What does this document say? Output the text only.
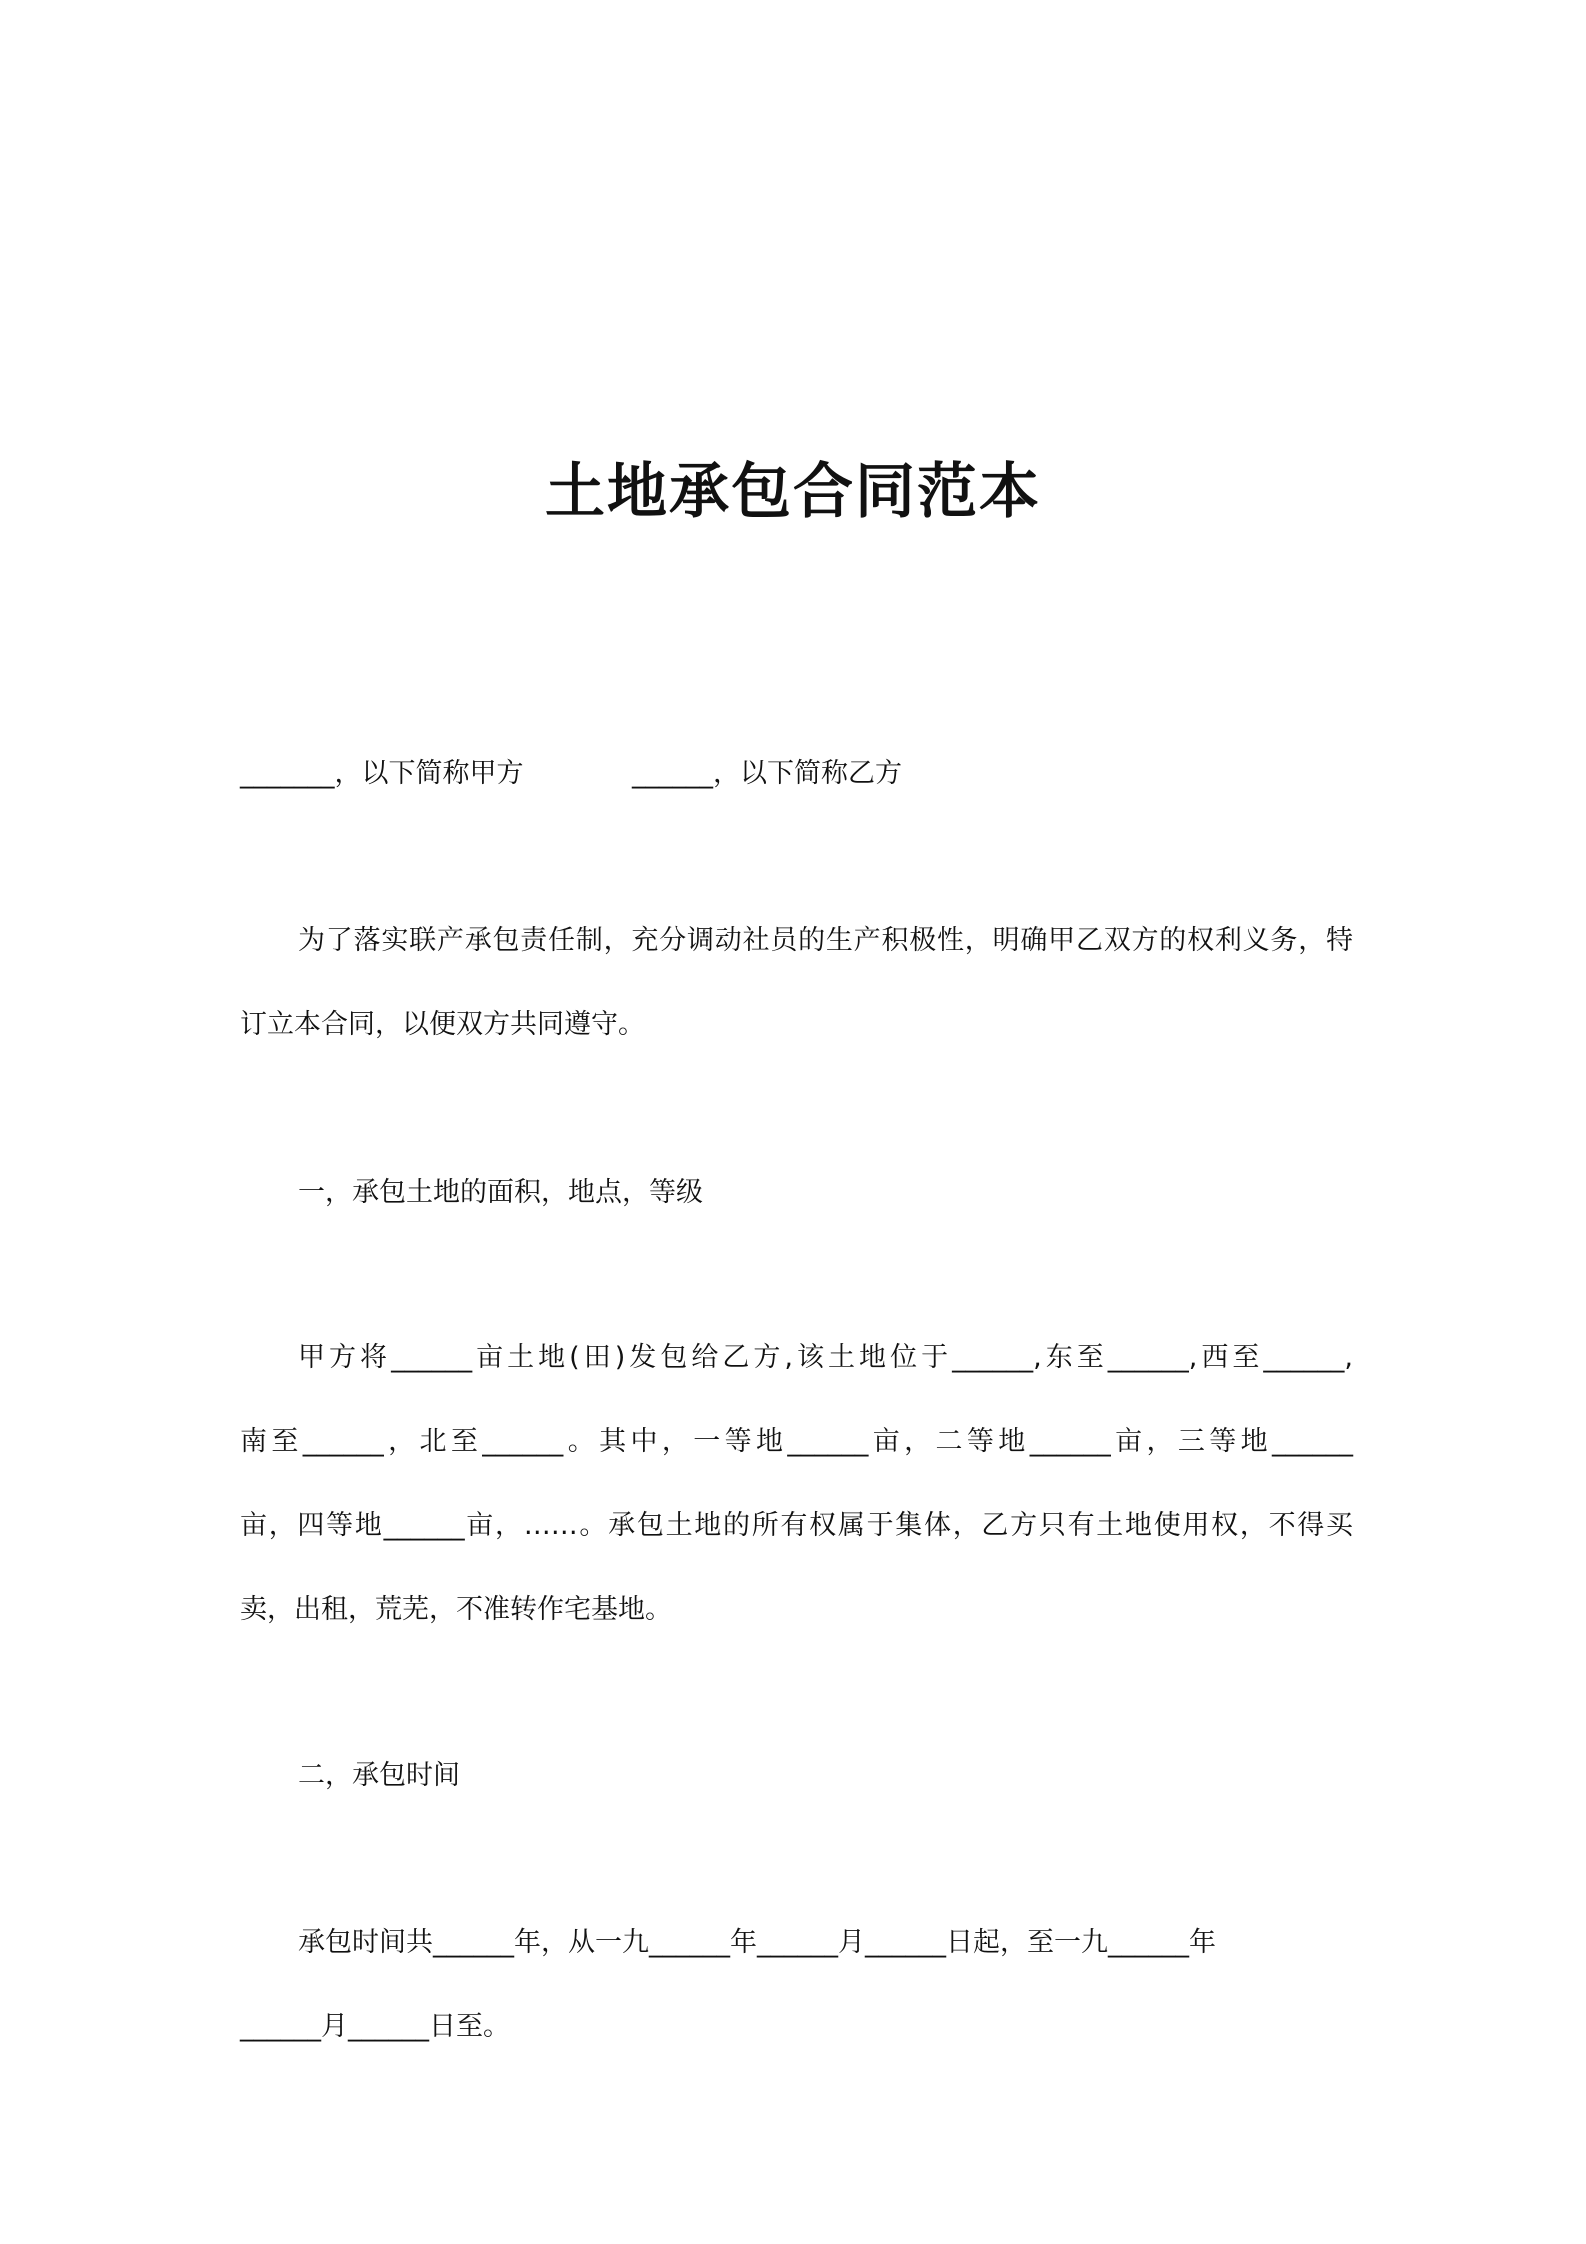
土地承包合同范本
_______，以下简称甲方	______，以下简称乙方
为了落实联产承包责任制，充分调动社员的生产积极性，明确甲乙双方的权利义务，特
订立本合同，以便双方共同遵守。
一，承包土地的面积，地点，等级
甲方将______亩土地(田)发包给乙方,该土地位于______,东至______,西至______,
南至______，北至______。其中，一等地______亩，二等地______亩，三等地______
亩，四等地______亩，……。承包土地的所有权属于集体，乙方只有土地使用权，不得买
卖，出租，荒芜，不准转作宅基地。
二，承包时间
承包时间共______年，从一九______年______月______日起，至一九______年
______月______日至。
